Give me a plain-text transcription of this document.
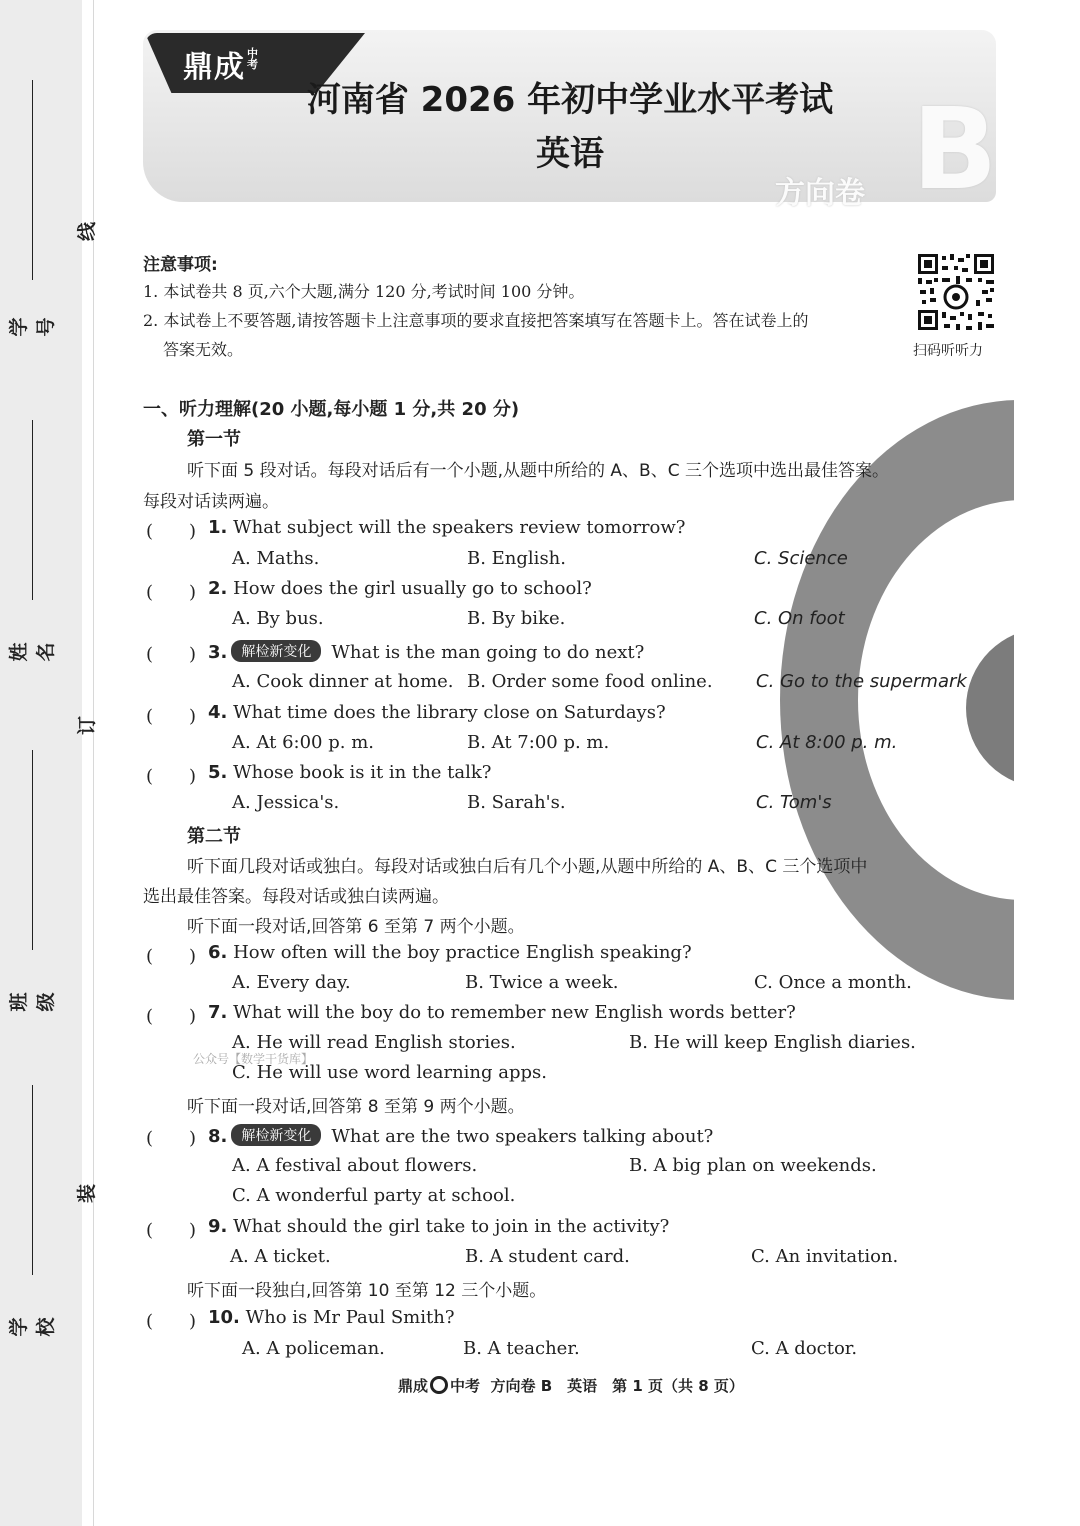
学号
姓名
班级
学校
线
订
装
鼎成 中考
河南省 2026 年初中学业水平考试
英语	B
方向卷
注意事项:
1. 本试卷共 8 页,六个大题,满分 120 分,考试时间 100 分钟。
2. 本试卷上不要答题,请按答题卡上注意事项的要求直接把答案填写在答题卡上。答在试卷上的
答案无效。	扫码听听力
一、听力理解(20 小题,每小题 1 分,共 20 分)
第一节
听下面 5 段对话。每段对话后有一个小题,从题中所给的 A、B、C 三个选项中选出最佳答案。
每段对话读两遍。
(　　) 1. What subject will the speakers review tomorrow?
A. Maths.	B. English.	C. Science
(　　) 2. How does the girl usually go to school?
A. By bus.	B. By bike.	C. On foot
(　　) 3. 解检新变化 What is the man going to do next?
A. Cook dinner at home. B. Order some food online. C. Go to the supermark
(　　) 4. What time does the library close on Saturdays?
A. At 6:00 p. m.	B. At 7:00 p. m.	C. At 8:00 p. m.
(　　) 5. Whose book is it in the talk?
A. Jessica's.	B. Sarah's.	C. Tom's
第二节
听下面几段对话或独白。每段对话或独白后有几个小题,从题中所给的 A、B、C 三个选项中
选出最佳答案。每段对话或独白读两遍。
听下面一段对话,回答第 6 至第 7 两个小题。
(　　) 6. How often will the boy practice English speaking?
A. Every day.	B. Twice a week.	C. Once a month.
(　　) 7. What will the boy do to remember new English words better?
A. He will read English stories.	B. He will keep English diaries.
公众号【数学干货库】
C. He will use word learning apps.
听下面一段对话,回答第 8 至第 9 两个小题。
(　　) 8. 解检新变化 What are the two speakers talking about?
A. A festival about flowers.	B. A big plan on weekends.
C. A wonderful party at school.
(　　) 9. What should the girl take to join in the activity?
A. A ticket.	B. A student card.	C. An invitation.
听下面一段独白,回答第 10 至第 12 三个小题。
(　　) 10. Who is Mr Paul Smith?
A. A policeman.	B. A teacher.	C. A doctor.
鼎成 中考 方向卷 B　英语　第 1 页（共 8 页）
